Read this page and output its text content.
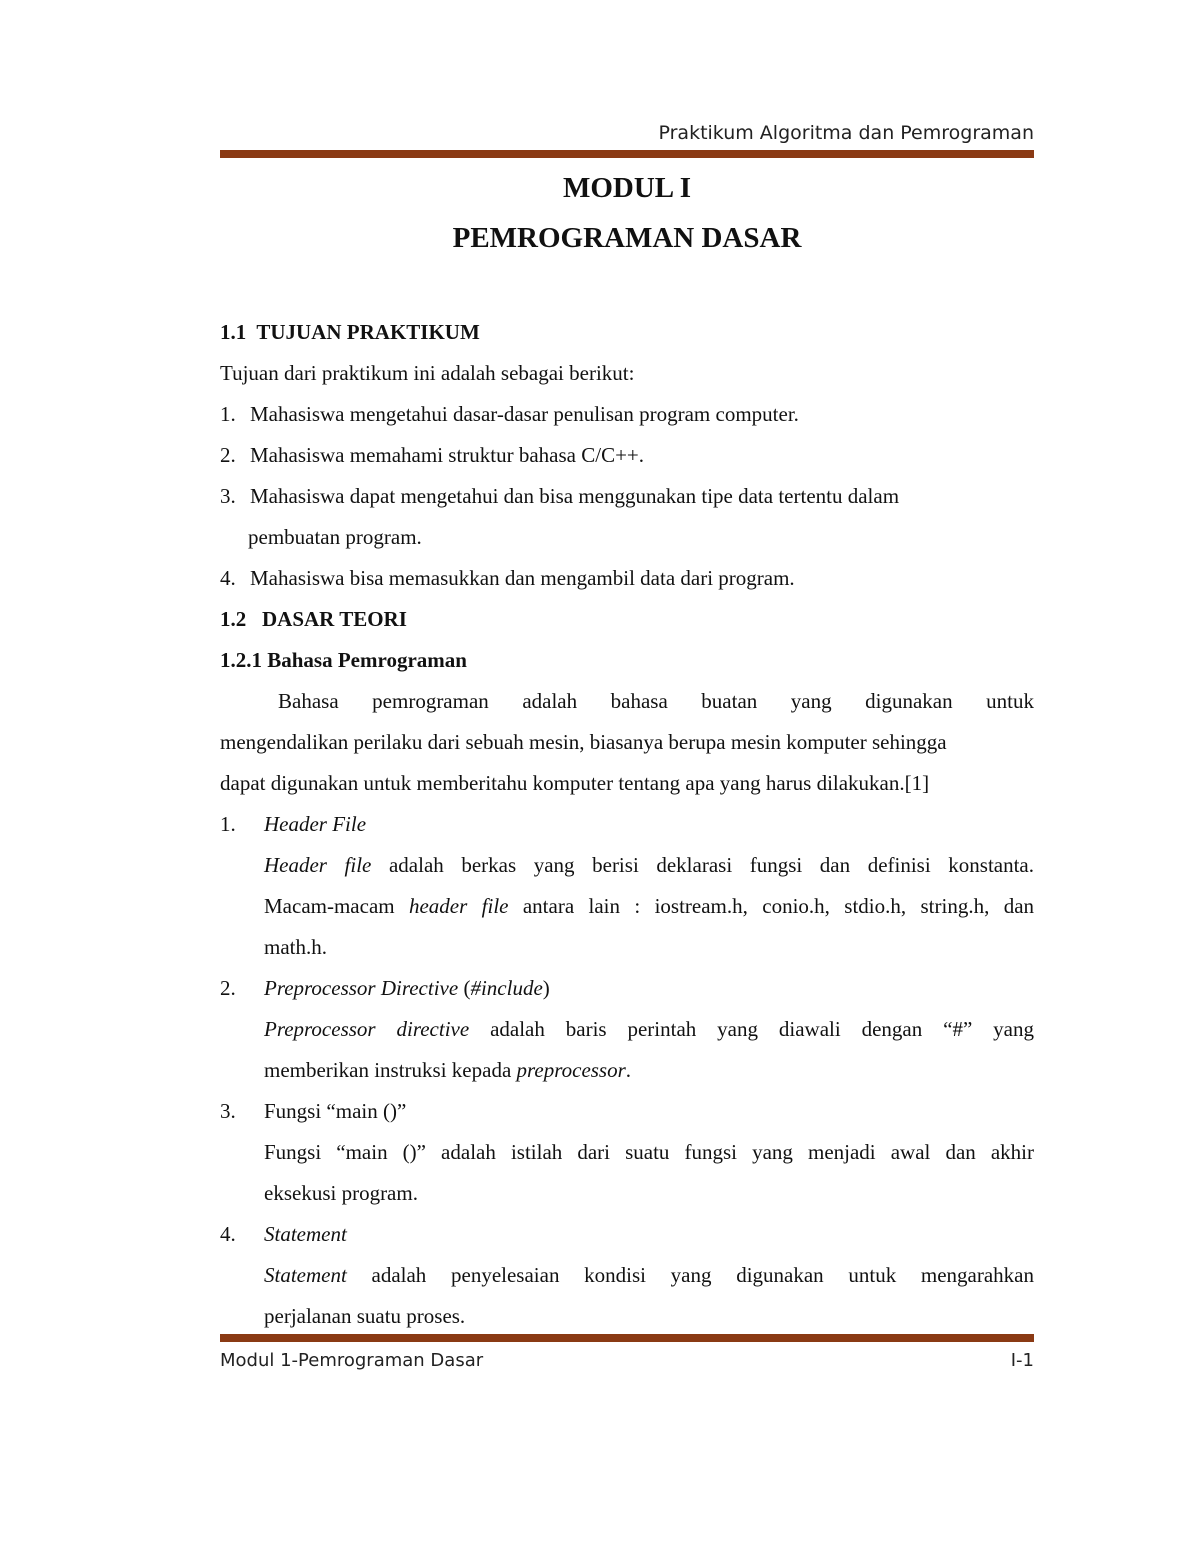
Praktikum Algoritma dan Pemrograman
MODUL I
PEMROGRAMAN DASAR
1.1  TUJUAN PRAKTIKUM
Tujuan dari praktikum ini adalah sebagai berikut:
1. Mahasiswa mengetahui dasar-dasar penulisan program computer.
2. Mahasiswa memahami struktur bahasa C/C++.
3. Mahasiswa dapat mengetahui dan bisa menggunakan tipe data tertentu dalam
pembuatan program.
4. Mahasiswa bisa memasukkan dan mengambil data dari program.
1.2   DASAR TEORI
1.2.1 Bahasa Pemrograman
Bahasa pemrograman adalah bahasa buatan yang digunakan untuk
mengendalikan perilaku dari sebuah mesin, biasanya berupa mesin komputer sehingga
dapat digunakan untuk memberitahu komputer tentang apa yang harus dilakukan.[1]
1. Header File
Header file adalah berkas yang berisi deklarasi fungsi dan definisi konstanta.
Macam-macam header file antara lain : iostream.h, conio.h, stdio.h, string.h, dan
math.h.
2. Preprocessor Directive (#include)
Preprocessor directive adalah baris perintah yang diawali dengan “#” yang
memberikan instruksi kepada preprocessor.
3. Fungsi “main ()”
Fungsi “main ()” adalah istilah dari suatu fungsi yang menjadi awal dan akhir
eksekusi program.
4. Statement
Statement adalah penyelesaian kondisi yang digunakan untuk mengarahkan
perjalanan suatu proses.
Modul 1-Pemrograman Dasar	I-1
